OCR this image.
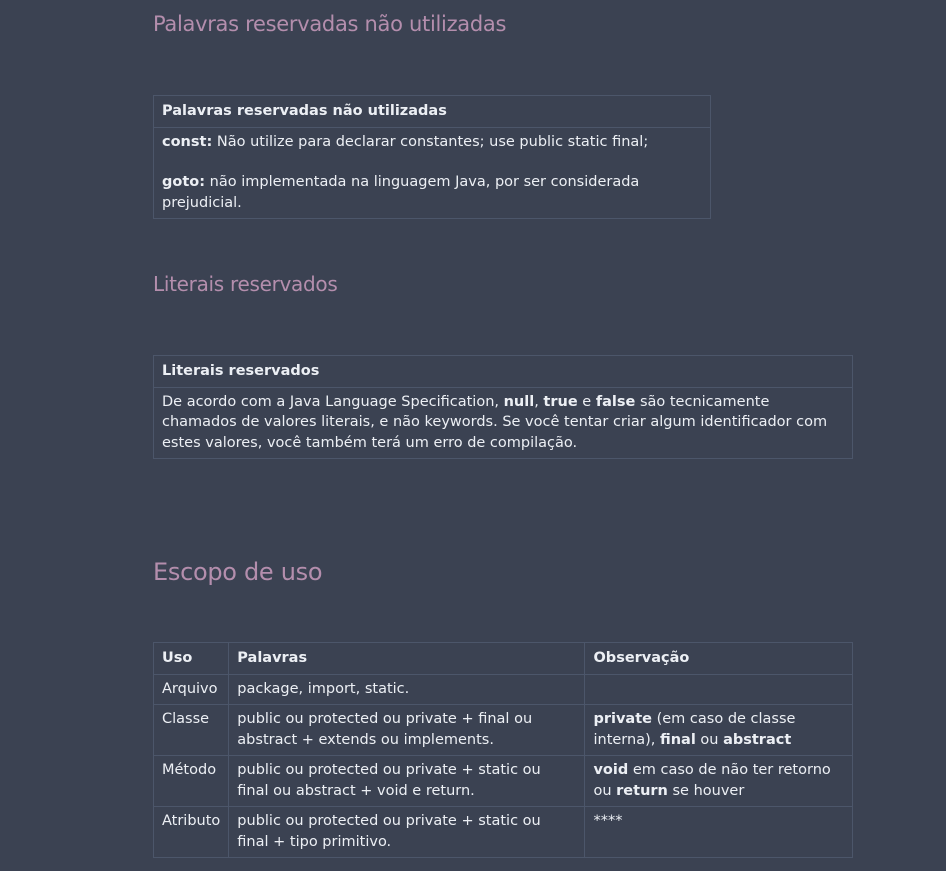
Palavras reservadas não utilizadas
Palavras reservadas não utilizadas

const: Não utilize para declarar constantes; use public static final;
goto: não implementada na linguagem Java, por ser considerada prejudicial.
Literais reservados
Literais reservados
De acordo com a Java Language Specification, null, true e false são tecnicamente chamados de valores literais, e não keywords. Se você tentar criar algum identificador com estes valores, você também terá um erro de compilação.
Escopo de uso
Uso	Palavras	Observação
Arquivo	package, import, static.	
Classe	public ou protected ou private + final ou abstract + extends ou implements.	private (em caso de classe interna), final ou abstract
Método	public ou protected ou private + static ou final ou abstract + void e return.	void em caso de não ter retorno ou return se houver
Atributo	public ou protected ou private + static ou final + tipo primitivo.	****
